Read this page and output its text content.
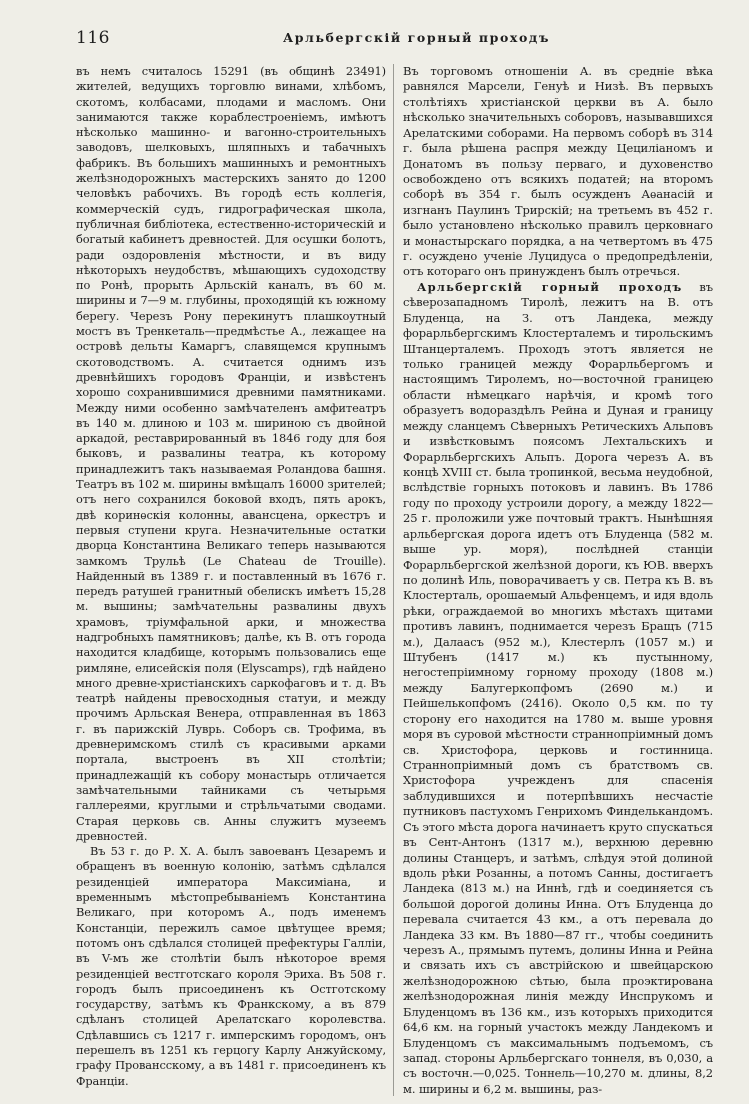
116	Арльбергскій горный проходъ

въ немъ считалось 15291 (въ общинѣ 23491) жителей, ведущихъ торговлю винами, хлѣбомъ, скотомъ, колбасами, плодами и масломъ. Они занимаются также кораблестроеніемъ, имѣютъ нѣсколько машинно- и вагонно-строительныхъ заводовъ, шелковыхъ, шляпныхъ и табачныхъ фабрикъ. Въ большихъ машинныхъ и ремонтныхъ желѣзнодорожныхъ мастерскихъ занято до 1200 человѣкъ рабочихъ. Въ городѣ есть коллегія, коммерческій судъ, гидрографическая школа, публичная библіотека, естественно-историческій и богатый кабинетъ древностей. Для осушки болотъ, ради оздоровленія мѣстности, и въ виду нѣкоторыхъ неудобствъ, мѣшающихъ судоходству по Ронѣ, прорыть Арльскій каналъ, въ 60 м. ширины и 7—9 м. глубины, проходящій къ южному берегу. Черезъ Рону перекинутъ плашкоутный мостъ въ Тренкеталь—предмѣстье А., лежащее на островѣ дельты Камаргъ, славящемся крупнымъ скотоводствомъ. А. считается однимъ изъ древнѣйшихъ городовъ Франціи, и извѣстенъ хорошо сохранившимися древними памятниками. Между ними особенно замѣчателенъ амфитеатръ въ 140 м. длиною и 103 м. шириною съ двойной аркадой, реставрированный въ 1846 году для боя быковъ, и развалины театра, къ которому принадлежитъ такъ называемая Роландова башня. Театръ въ 102 м. ширины вмѣщалъ 16000 зрителей; отъ него сохранился боковой входъ, пять арокъ, двѣ коринѳскія колонны, авансцена, оркестръ и первыя ступени круга. Незначительные остатки дворца Константина Великаго теперь называются замкомъ Трульѣ (Le Chateau de Trouille). Найденный въ 1389 г. и поставленный въ 1676 г. передъ ратушей гранитный обелискъ имѣетъ 15,28 м. вышины; замѣчательны развалины двухъ храмовъ, тріумфальной арки, и множества надгробныхъ памятниковъ; далѣе, къ В. отъ города находится кладбище, которымъ пользовались еще римляне, елисейскія поля (Elyscamps), гдѣ найдено много древне-христіанскихъ саркофаговъ и т. д. Въ театрѣ найдены превосходныя статуи, и между прочимъ Арльская Венера, отправленная въ 1863 г. въ парижскій Луврь. Соборъ св. Трофима, въ древнеримскомъ стилѣ съ красивыми арками портала, выстроенъ въ XII столѣтіи; принадлежащій къ собору монастырь отличается замѣчательными тайниками съ четырьмя галлереями, круглыми и стрѣльчатыми сводами. Старая церковь св. Анны служитъ музеемъ древностей.

Въ 53 г. до Р. Х. А. былъ завоеванъ Цезаремъ и обращенъ въ военную колонію, затѣмъ сдѣлался резиденціей императора Максиміана, и временнымъ мѣстопребываніемъ Константина Великаго, при которомъ А., подъ именемъ Констанціи, пережилъ самое цвѣтущее время; потомъ онъ сдѣлался столицей префектуры Галліи, въ V-мъ же столѣтіи былъ нѣкоторое время резиденціей вестготскаго короля Эриха. Въ 508 г. городъ былъ присоединенъ къ Остготскому государству, затѣмъ къ Франкскому, а въ 879 сдѣланъ столицей Арелатскаго королевства. Сдѣлавшись съ 1217 г. имперскимъ городомъ, онъ перешелъ въ 1251 къ герцогу Карлу Анжуйскому, графу Провансскому, а въ 1481 г. присоединенъ къ Франціи.

Въ торговомъ отношеніи А. въ средніе вѣка равнялся Марсели, Генуѣ и Низѣ. Въ первыхъ столѣтіяхъ христіанской церкви въ А. было нѣсколько значительныхъ соборовъ, называвшихся Арелатскими соборами. На первомъ соборѣ въ 314 г. была рѣшена распря между Цециліаномъ и Донатомъ въ пользу перваго, и духовенство освобождено отъ всякихъ податей; на второмъ соборѣ въ 354 г. былъ осужденъ Аѳанасій и изгнанъ Паулинъ Трирскій; на третьемъ въ 452 г. было установлено нѣсколько правилъ церковнаго и монастырскаго порядка, а на четвертомъ въ 475 г. осуждено ученіе Луцидуса о предопредѣленіи, отъ котораго онъ принужденъ былъ отречься.

Арльбергскій горный проходъ въ сѣверозападномъ Тиролѣ, лежитъ на В. отъ Блуденца, на З. отъ Ландека, между форарльбергскимъ Клостерталемъ и тирольскимъ Штанцерталемъ. Проходъ этотъ является не только границей между Форарльбергомъ и настоящимъ Тиролемъ, но—восточной границею области нѣмецкаго нарѣчія, и кромѣ того образуетъ водораздѣлъ Рейна и Дуная и границу между сланцемъ Сѣверныхъ Ретическихъ Альповъ и извѣстковымъ поясомъ Лехтальскихъ и Форарльбергскихъ Альпъ. Дорога черезъ А. въ концѣ XVIII ст. была тропинкой, весьма неудобной, вслѣдствіе горныхъ потоковъ и лавинъ. Въ 1786 году по проходу устроили дорогу, а между 1822—25 г. проложили уже почтовый трактъ. Нынѣшняя арльбергская дорога идетъ отъ Блуденца (582 м. выше ур. моря), послѣдней станціи Форарльбергской желѣзной дороги, къ ЮВ. вверхъ по долинѣ Иль, поворачиваетъ у св. Петра къ В. въ Клостерталь, орошаемый Альфенцемъ, и идя вдоль рѣки, ограждаемой во многихъ мѣстахъ щитами противъ лавинъ, поднимается черезъ Бращъ (715 м.), Далаасъ (952 м.), Клестерлъ (1057 м.) и Штубенъ (1417 м.) къ пустынному, негостепріимному горному проходу (1808 м.) между Балугеркопфомъ (2690 м.) и Пейшелькопфомъ (2416). Около 0,5 км. по ту сторону его находится на 1780 м. выше уровня моря въ суровой мѣстности страннопріимный домъ св. Христофора, церковь и гостинница. Страннопріимный домъ съ братствомъ св. Христофора учрежденъ для спасенія заблудившихся и потерпѣвшихъ несчастіе путниковъ пастухомъ Генрихомъ Финделькандомъ. Съ этого мѣста дорога начинаетъ круто спускаться въ Сент-Антонъ (1317 м.), верхнюю деревню долины Станцеръ, и затѣмъ, слѣдуя этой долиной вдоль рѣки Розанны, а потомъ Санны, достигаетъ Ландека (813 м.) на Иннѣ, гдѣ и соединяется съ большой дорогой долины Инна. Отъ Блуденца до перевала считается 43 км., а отъ перевала до Ландека 33 км. Въ 1880—87 гг., чтобы соединить черезъ А., прямымъ путемъ, долины Инна и Рейна и связать ихъ съ австрійскою и швейцарскою желѣзнодорожною сѣтью, была проэктирована желѣзнодорожная линія между Инспрукомъ и Блуденцомъ въ 136 км., изъ которыхъ приходится 64,6 км. на горный участокъ между Ландекомъ и Блуденцомъ съ максимальнымъ подъемомъ, съ запад. стороны Арльбергскаго тоннеля, въ 0,030, а съ восточн.—0,025. Тоннель—10,270 м. длины, 8,2 м. ширины и 6,2 м. вышины, раз-
